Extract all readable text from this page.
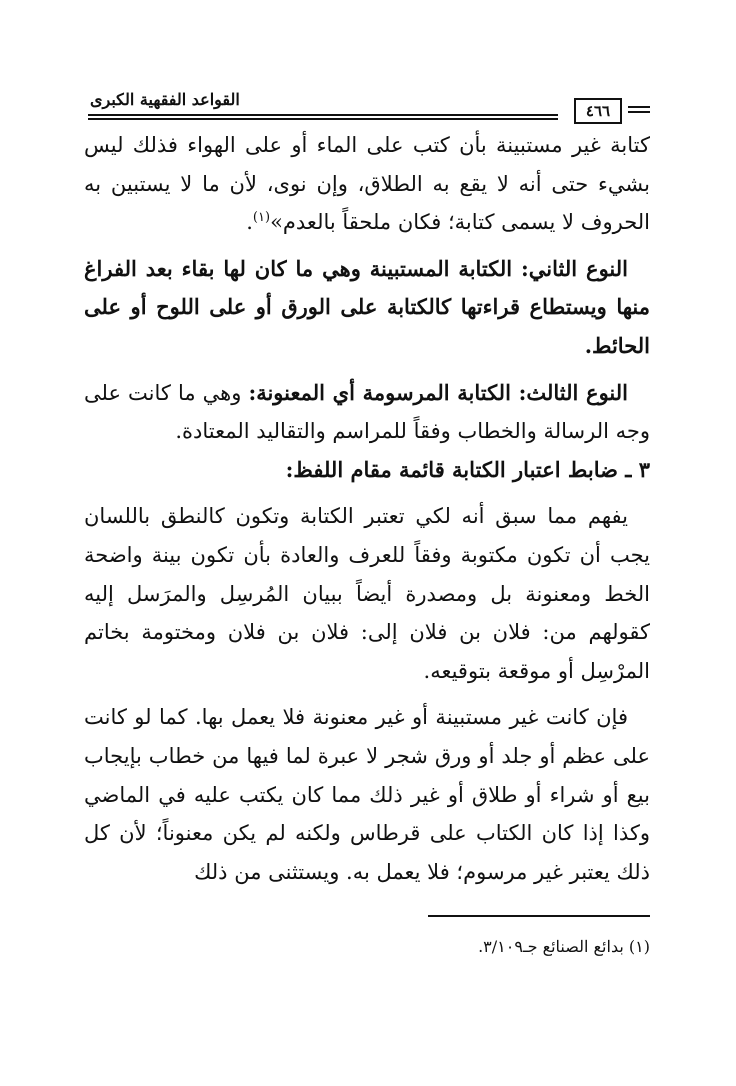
القواعد الفقهية الكبرى
٤٦٦

كتابة غير مستبينة بأن كتب على الماء أو على الهواء فذلك ليس بشيء حتى أنه لا يقع به الطلاق، وإن نوى، لأن ما لا يستبين به الحروف لا يسمى كتابة؛ فكان ملحقاً بالعدم»$^{(١)}$.

النوع الثاني: الكتابة المستبينة وهي ما كان لها بقاء بعد الفراغ منها ويستطاع قراءتها كالكتابة على الورق أو على اللوح أو على الحائط.

النوع الثالث: الكتابة المرسومة أي المعنونة: وهي ما كانت على وجه الرسالة والخطاب وفقاً للمراسم والتقاليد المعتادة.

٣ ـ ضابط اعتبار الكتابة قائمة مقام اللفظ:

يفهم مما سبق أنه لكي تعتبر الكتابة وتكون كالنطق باللسان يجب أن تكون مكتوبة وفقاً للعرف والعادة بأن تكون بينة واضحة الخط ومعنونة بل ومصدرة أيضاً ببيان المُرسِل والمرَسل إليه كقولهم من: فلان بن فلان إلى: فلان بن فلان ومختومة بخاتم المرْسِل أو موقعة بتوقيعه.

فإن كانت غير مستبينة أو غير معنونة فلا يعمل بها. كما لو كانت على عظم أو جلد أو ورق شجر لا عبرة لما فيها من خطاب بإيجاب بيع أو شراء أو طلاق أو غير ذلك مما كان يكتب عليه في الماضي وكذا إذا كان الكتاب على قرطاس ولكنه لم يكن معنوناً؛ لأن كل ذلك يعتبر غير مرسوم؛ فلا يعمل به. ويستثنى من ذلك

(١) بدائع الصنائع جـ٣/١٠٩.
